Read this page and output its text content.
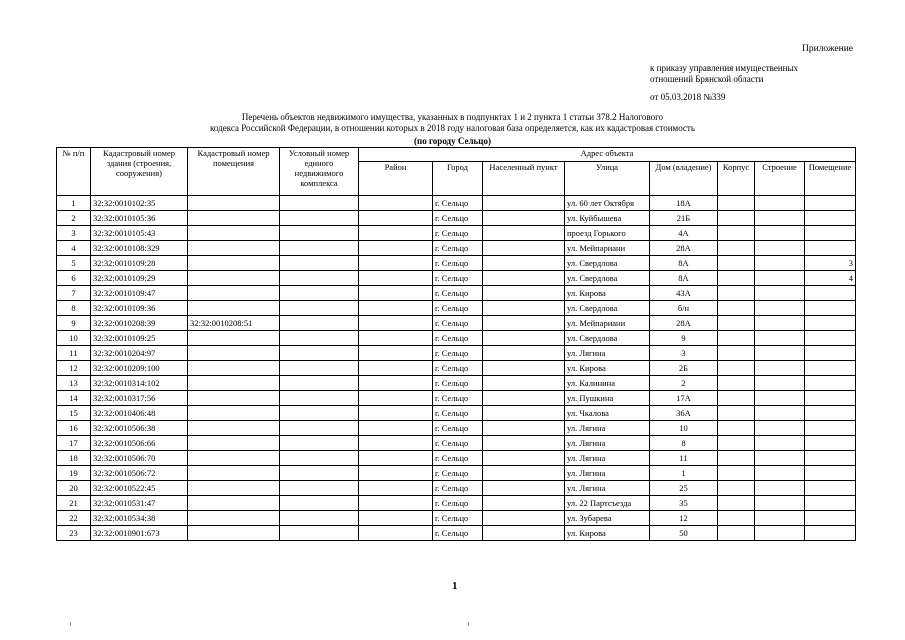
Приложение
к приказу управления имущественных
отношений Брянской области
от 05.03.2018 №339
Перечень объектов недвижимого имущества, указанных в подпунктах 1 и 2 пункта 1 статьи 378.2 Налогового
кодекса Российской Федерации, в отношении которых в 2018 году налоговая база определяется, как их кадастровая стоимость
(по городу Сельцо)
№ п/п	Кадастровый номер здания (строения, сооружения)	Кадастровый номер помещения	Условный номер единого недвижимого комплекса	Адрес объекта							
				Район	Город	Населенный пункт	Улица	Дом (владение)	Корпус	Строение	Помещение
1	32:32:0010102:35				г. Сельцо		ул. 60 лет Октября	18А			
2	32:32:0010105:36				г. Сельцо		ул. Куйбышева	21Б			
3	32:32:0010105:43				г. Сельцо		проезд Горького	4А			
4	32:32:0010108:329				г. Сельцо		ул. Мейпариани	28А			
5	32:32:0010109:28				г. Сельцо		ул. Свердлова	8А			3
6	32:32:0010109:29				г. Сельцо		ул. Свердлова	8А			4
7	32:32:0010109:47				г. Сельцо		ул. Кирова	43А			
8	32:32:0010109:36				г. Сельцо		ул. Свердлова	б/н			
9	32:32:0010208:39	32:32:0010208:51			г. Сельцо		ул. Мейпариани	28А			
10	32:32:0010109:25				г. Сельцо		ул. Свердлова	9			
11	32:32:0010204:97				г. Сельцо		ул. Лягина	3			
12	32:32:0010209:100				г. Сельцо		ул. Кирова	2Б			
13	32:32:0010314:102				г. Сельцо		ул. Калинина	2			
14	32:32:0010317:56				г. Сельцо		ул. Пушкина	17А			
15	32:32:0010406:48				г. Сельцо		ул. Чкалова	36А			
16	32:32:0010506:38				г. Сельцо		ул. Лягина	10			
17	32:32:0010506:66				г. Сельцо		ул. Лягина	8			
18	32:32:0010506:70				г. Сельцо		ул. Лягина	11			
19	32:32:0010506:72				г. Сельцо		ул. Лягина	1			
20	32:32:0010522:45				г. Сельцо		ул. Лягина	25			
21	32:32:0010531:47				г. Сельцо		ул. 22 Партсъезда	35			
22	32:32:0010534:38				г. Сельцо		ул. Зубарева	12			
23	32:32:0010901:673				г. Сельцо		ул. Кирова	50			
1
